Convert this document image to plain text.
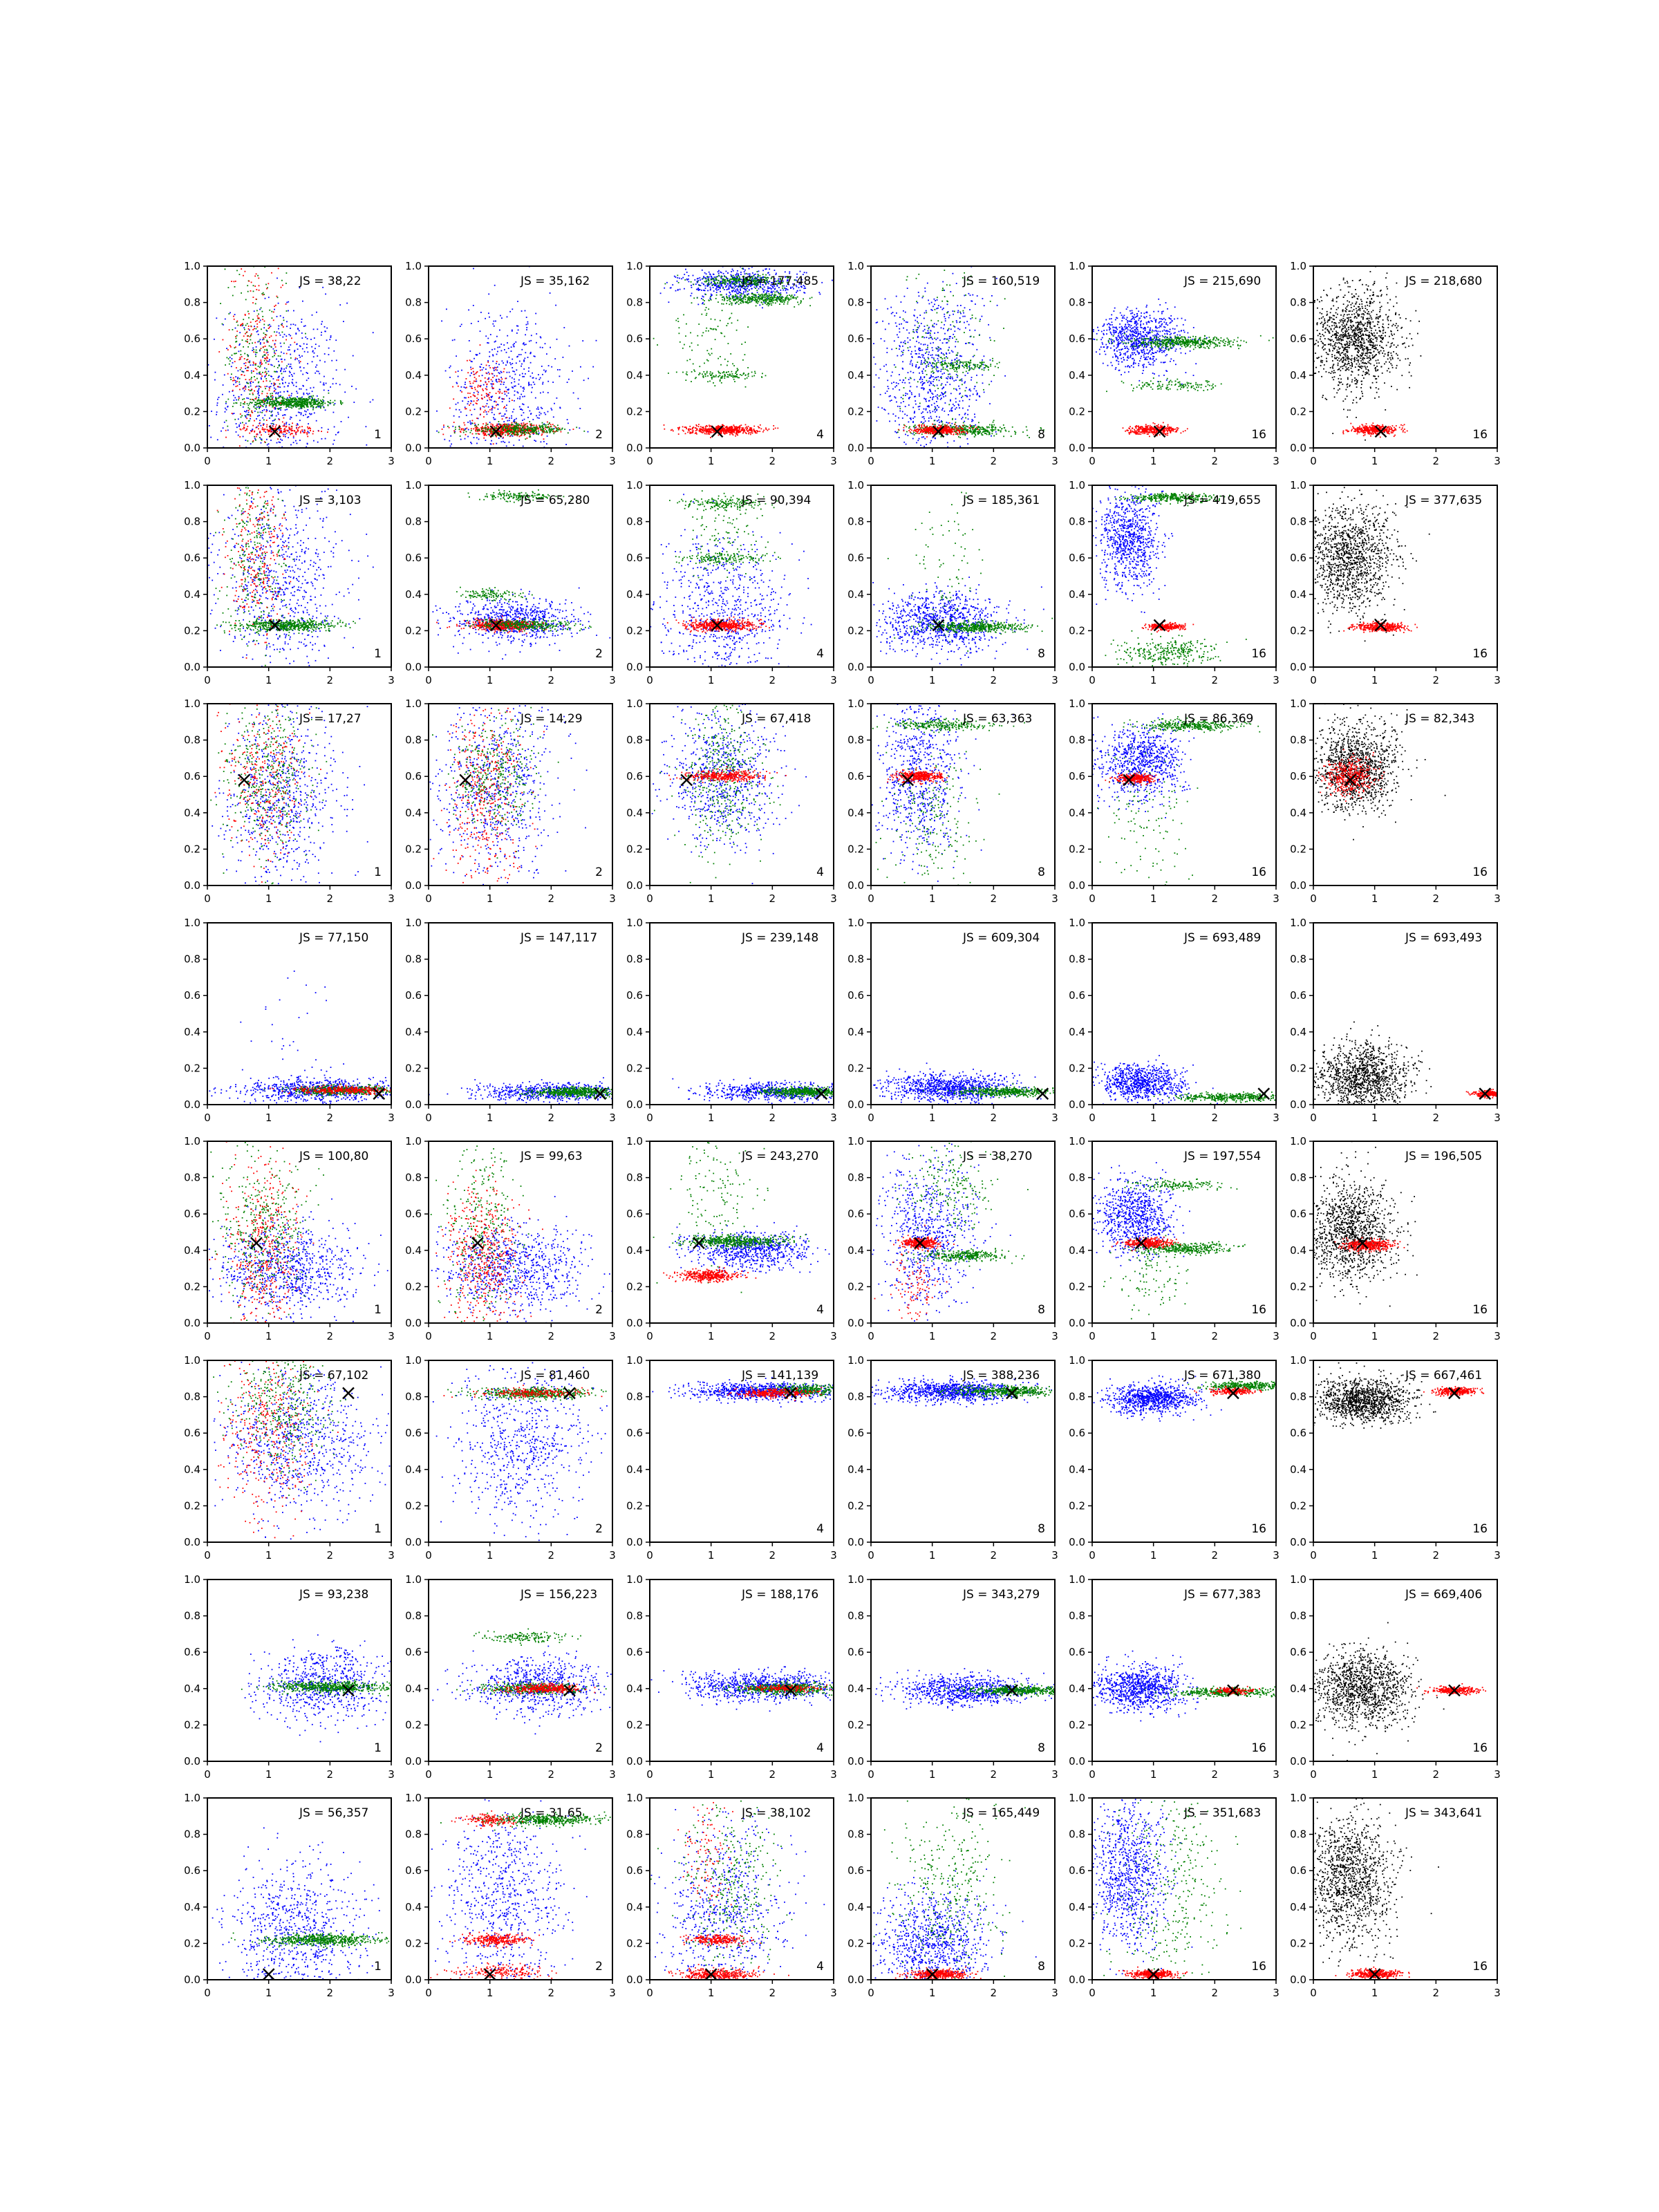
0	1	2	3
0.0
0.2
0.4
0.6
0.8
1.0
JS = 38,22
1
0	1	2	3
0.0
0.2
0.4
0.6
0.8
1.0
JS = 35,162
2
0	1	2	3
0.0
0.2
0.4
0.6
0.8
1.0
JS = 177,485
4
0	1	2	3
0.0
0.2
0.4
0.6
0.8
1.0
JS = 160,519
8
0	1	2	3
0.0
0.2
0.4
0.6
0.8
1.0
JS = 215,690
16
0	1	2	3
0.0
0.2
0.4
0.6
0.8
1.0
JS = 218,680
16
0	1	2	3
0.0
0.2
0.4
0.6
0.8
1.0
JS = 3,103
1
0	1	2	3
0.0
0.2
0.4
0.6
0.8
1.0
JS = 65,280
2
0	1	2	3
0.0
0.2
0.4
0.6
0.8
1.0
JS = 90,394
4
0	1	2	3
0.0
0.2
0.4
0.6
0.8
1.0
JS = 185,361
8
0	1	2	3
0.0
0.2
0.4
0.6
0.8
1.0
JS = 419,655
16
0	1	2	3
0.0
0.2
0.4
0.6
0.8
1.0
JS = 377,635
16
0	1	2	3
0.0
0.2
0.4
0.6
0.8
1.0
JS = 17,27
1
0	1	2	3
0.0
0.2
0.4
0.6
0.8
1.0
JS = 14,29
2
0	1	2	3
0.0
0.2
0.4
0.6
0.8
1.0
JS = 67,418
4
0	1	2	3
0.0
0.2
0.4
0.6
0.8
1.0
JS = 63,363
8
0	1	2	3
0.0
0.2
0.4
0.6
0.8
1.0
JS = 86,369
16
0	1	2	3
0.0
0.2
0.4
0.6
0.8
1.0
JS = 82,343
16
0	1	2	3
0.0
0.2
0.4
0.6
0.8
1.0
JS = 77,150
0	1	2	3
0.0
0.2
0.4
0.6
0.8
1.0
JS = 147,117
0	1	2	3
0.0
0.2
0.4
0.6
0.8
1.0
JS = 239,148
0	1	2	3
0.0
0.2
0.4
0.6
0.8
1.0
JS = 609,304
0	1	2	3
0.0
0.2
0.4
0.6
0.8
1.0
JS = 693,489
0	1	2	3
0.0
0.2
0.4
0.6
0.8
1.0
JS = 693,493
0	1	2	3
0.0
0.2
0.4
0.6
0.8
1.0
JS = 100,80
1
0	1	2	3
0.0
0.2
0.4
0.6
0.8
1.0
JS = 99,63
2
0	1	2	3
0.0
0.2
0.4
0.6
0.8
1.0
JS = 243,270
4
0	1	2	3
0.0
0.2
0.4
0.6
0.8
1.0
JS = 38,270
8
0	1	2	3
0.0
0.2
0.4
0.6
0.8
1.0
JS = 197,554
16
0	1	2	3
0.0
0.2
0.4
0.6
0.8
1.0
JS = 196,505
16
0	1	2	3
0.0
0.2
0.4
0.6
0.8
1.0
JS = 67,102
1
0	1	2	3
0.0
0.2
0.4
0.6
0.8
1.0
JS = 81,460
2
0	1	2	3
0.0
0.2
0.4
0.6
0.8
1.0
JS = 141,139
4
0	1	2	3
0.0
0.2
0.4
0.6
0.8
1.0
JS = 388,236
8
0	1	2	3
0.0
0.2
0.4
0.6
0.8
1.0
JS = 671,380
16
0	1	2	3
0.0
0.2
0.4
0.6
0.8
1.0
JS = 667,461
16
0	1	2	3
0.0
0.2
0.4
0.6
0.8
1.0
JS = 93,238
1
0	1	2	3
0.0
0.2
0.4
0.6
0.8
1.0
JS = 156,223
2
0	1	2	3
0.0
0.2
0.4
0.6
0.8
1.0
JS = 188,176
4
0	1	2	3
0.0
0.2
0.4
0.6
0.8
1.0
JS = 343,279
8
0	1	2	3
0.0
0.2
0.4
0.6
0.8
1.0
JS = 677,383
16
0	1	2	3
0.0
0.2
0.4
0.6
0.8
1.0
JS = 669,406
16
0	1	2	3
0.0
0.2
0.4
0.6
0.8
1.0
JS = 56,357
1
0	1	2	3
0.0
0.2
0.4
0.6
0.8
1.0
JS = 31,65
2
0	1	2	3
0.0
0.2
0.4
0.6
0.8
1.0
JS = 38,102
4
0	1	2	3
0.0
0.2
0.4
0.6
0.8
1.0
JS = 165,449
8
0	1	2	3
0.0
0.2
0.4
0.6
0.8
1.0
JS = 351,683
16
0	1	2	3
0.0
0.2
0.4
0.6
0.8
1.0
JS = 343,641
16
